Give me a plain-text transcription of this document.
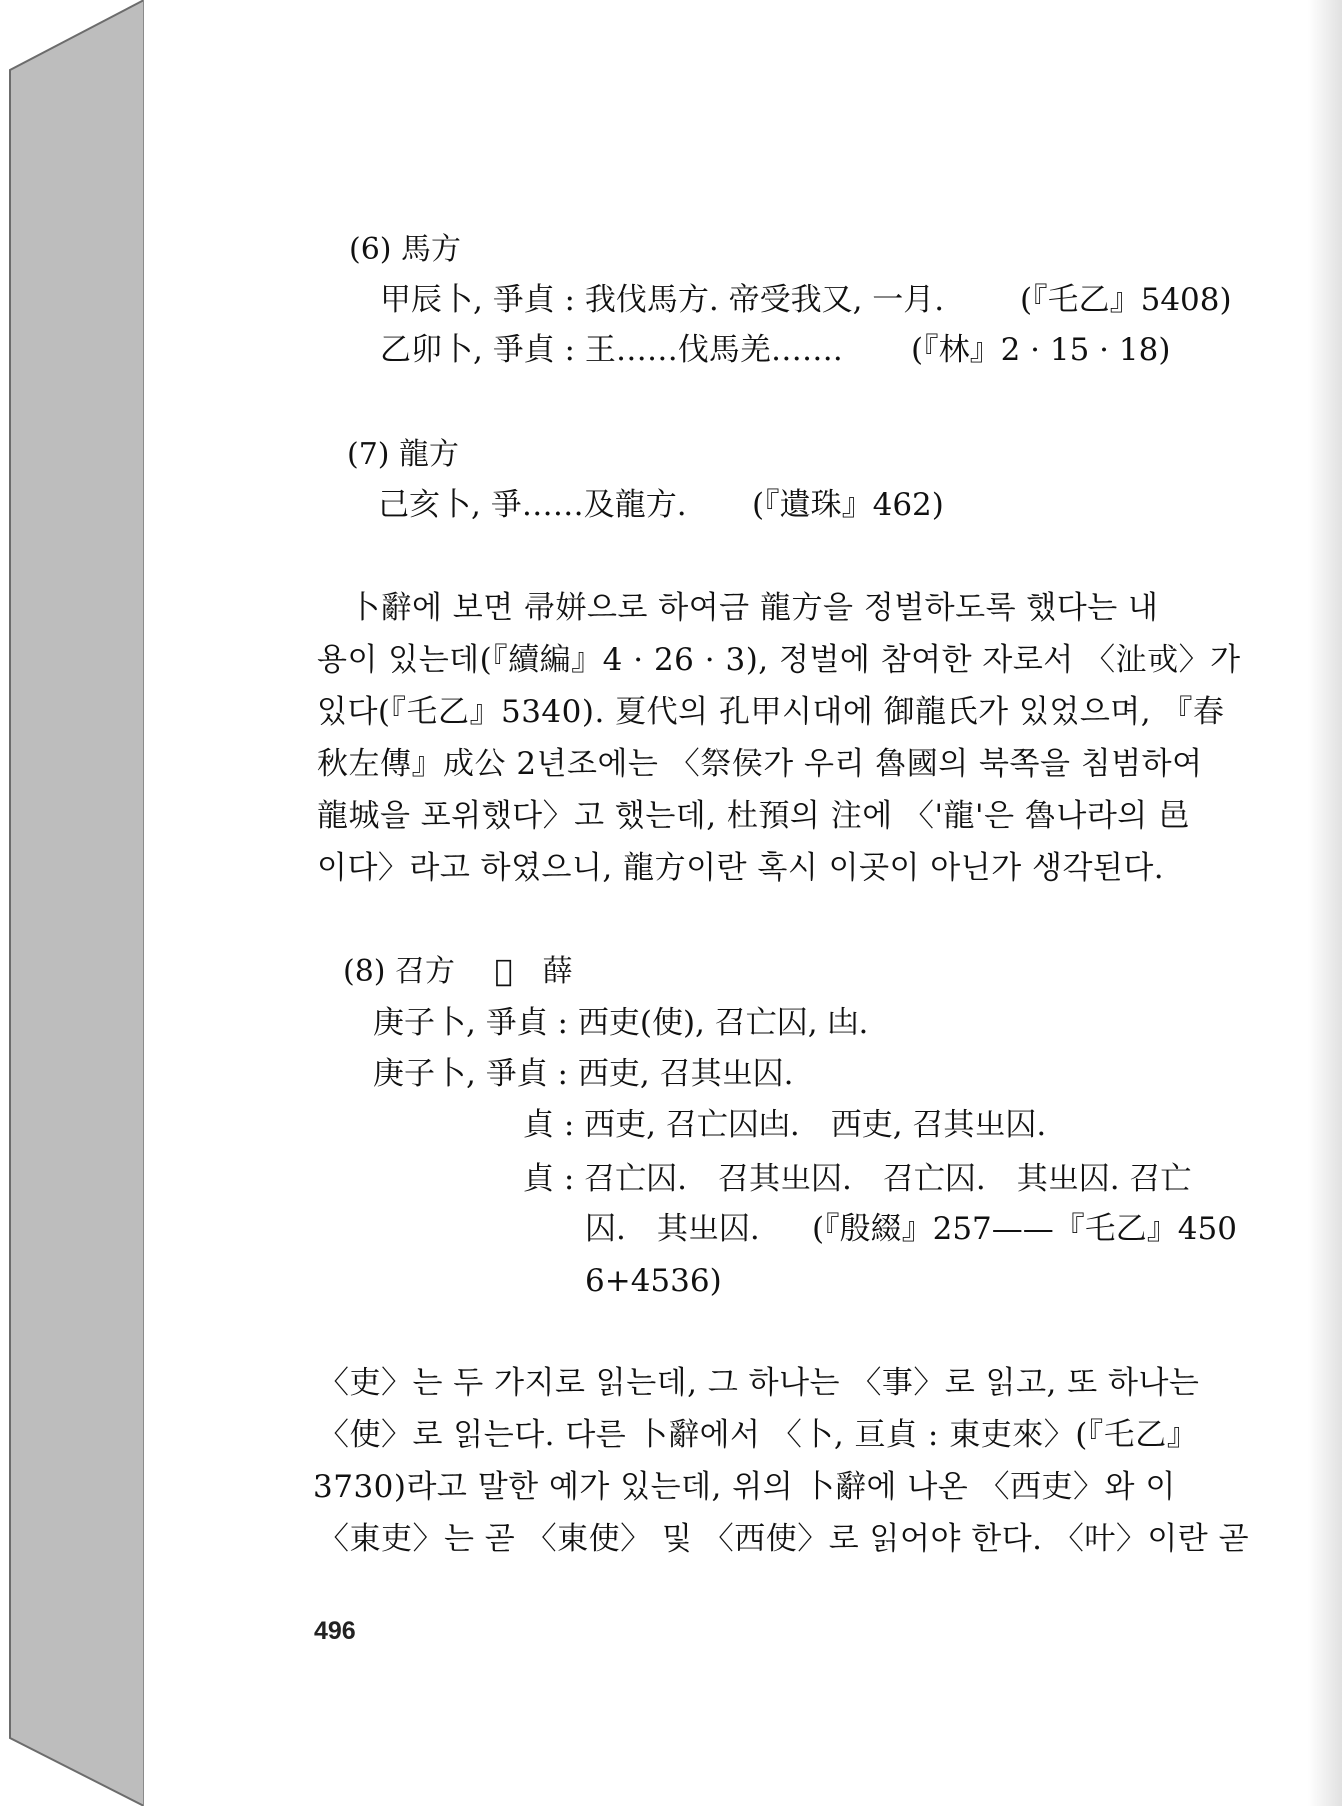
(6) 馬方
甲辰卜, 爭貞 : 我伐馬方. 帝受我又, 一月. (『乇乙』5408)
乙卯卜, 爭貞 : 王……伐馬羌……. (『林』2 · 15 · 18)
(7) 龍方
己亥卜, 爭……及龍方. (『遺珠』462)
卜辭에 보면 帚姘으로 하여금 龍方을 정벌하도록 했다는 내
용이 있는데(『續編』4 · 26 · 3), 정벌에 참여한 자로서 〈沚戓〉가
있다(『乇乙』5340). 夏代의 孔甲시대에 御龍氏가 있었으며, 『春
秋左傳』成公 2년조에는 〈祭侯가 우리 魯國의 북쪽을 침범하여
龍城을 포위했다〉고 했는데, 杜預의 注에 〈'龍'은 魯나라의 邑
이다〉라고 하였으니, 龍方이란 혹시 이곳이 아닌가 생각된다.
(8) 召方　 𦉍　薛
庚子卜, 爭貞 : 西吏(使), 召亡囚, 凷.
庚子卜, 爭貞 : 西吏, 召其㞢囚.
貞 : 西吏, 召亡囚凷.　西吏, 召其㞢囚.
貞 : 召亡囚.　召其㞢囚.　召亡囚.　其㞢囚. 召亡
囚.　其㞢囚. (『殷綴』257——『乇乙』450
6+4536)
〈吏〉는 두 가지로 읽는데, 그 하나는 〈事〉로 읽고, 또 하나는
〈使〉로 읽는다. 다른 卜辭에서 〈卜, 亘貞 : 東吏來〉(『乇乙』
3730)라고 말한 예가 있는데, 위의 卜辭에 나온 〈西吏〉와 이
〈東吏〉는 곧 〈東使〉 및 〈西使〉로 읽어야 한다. 〈叶〉이란 곧
496
